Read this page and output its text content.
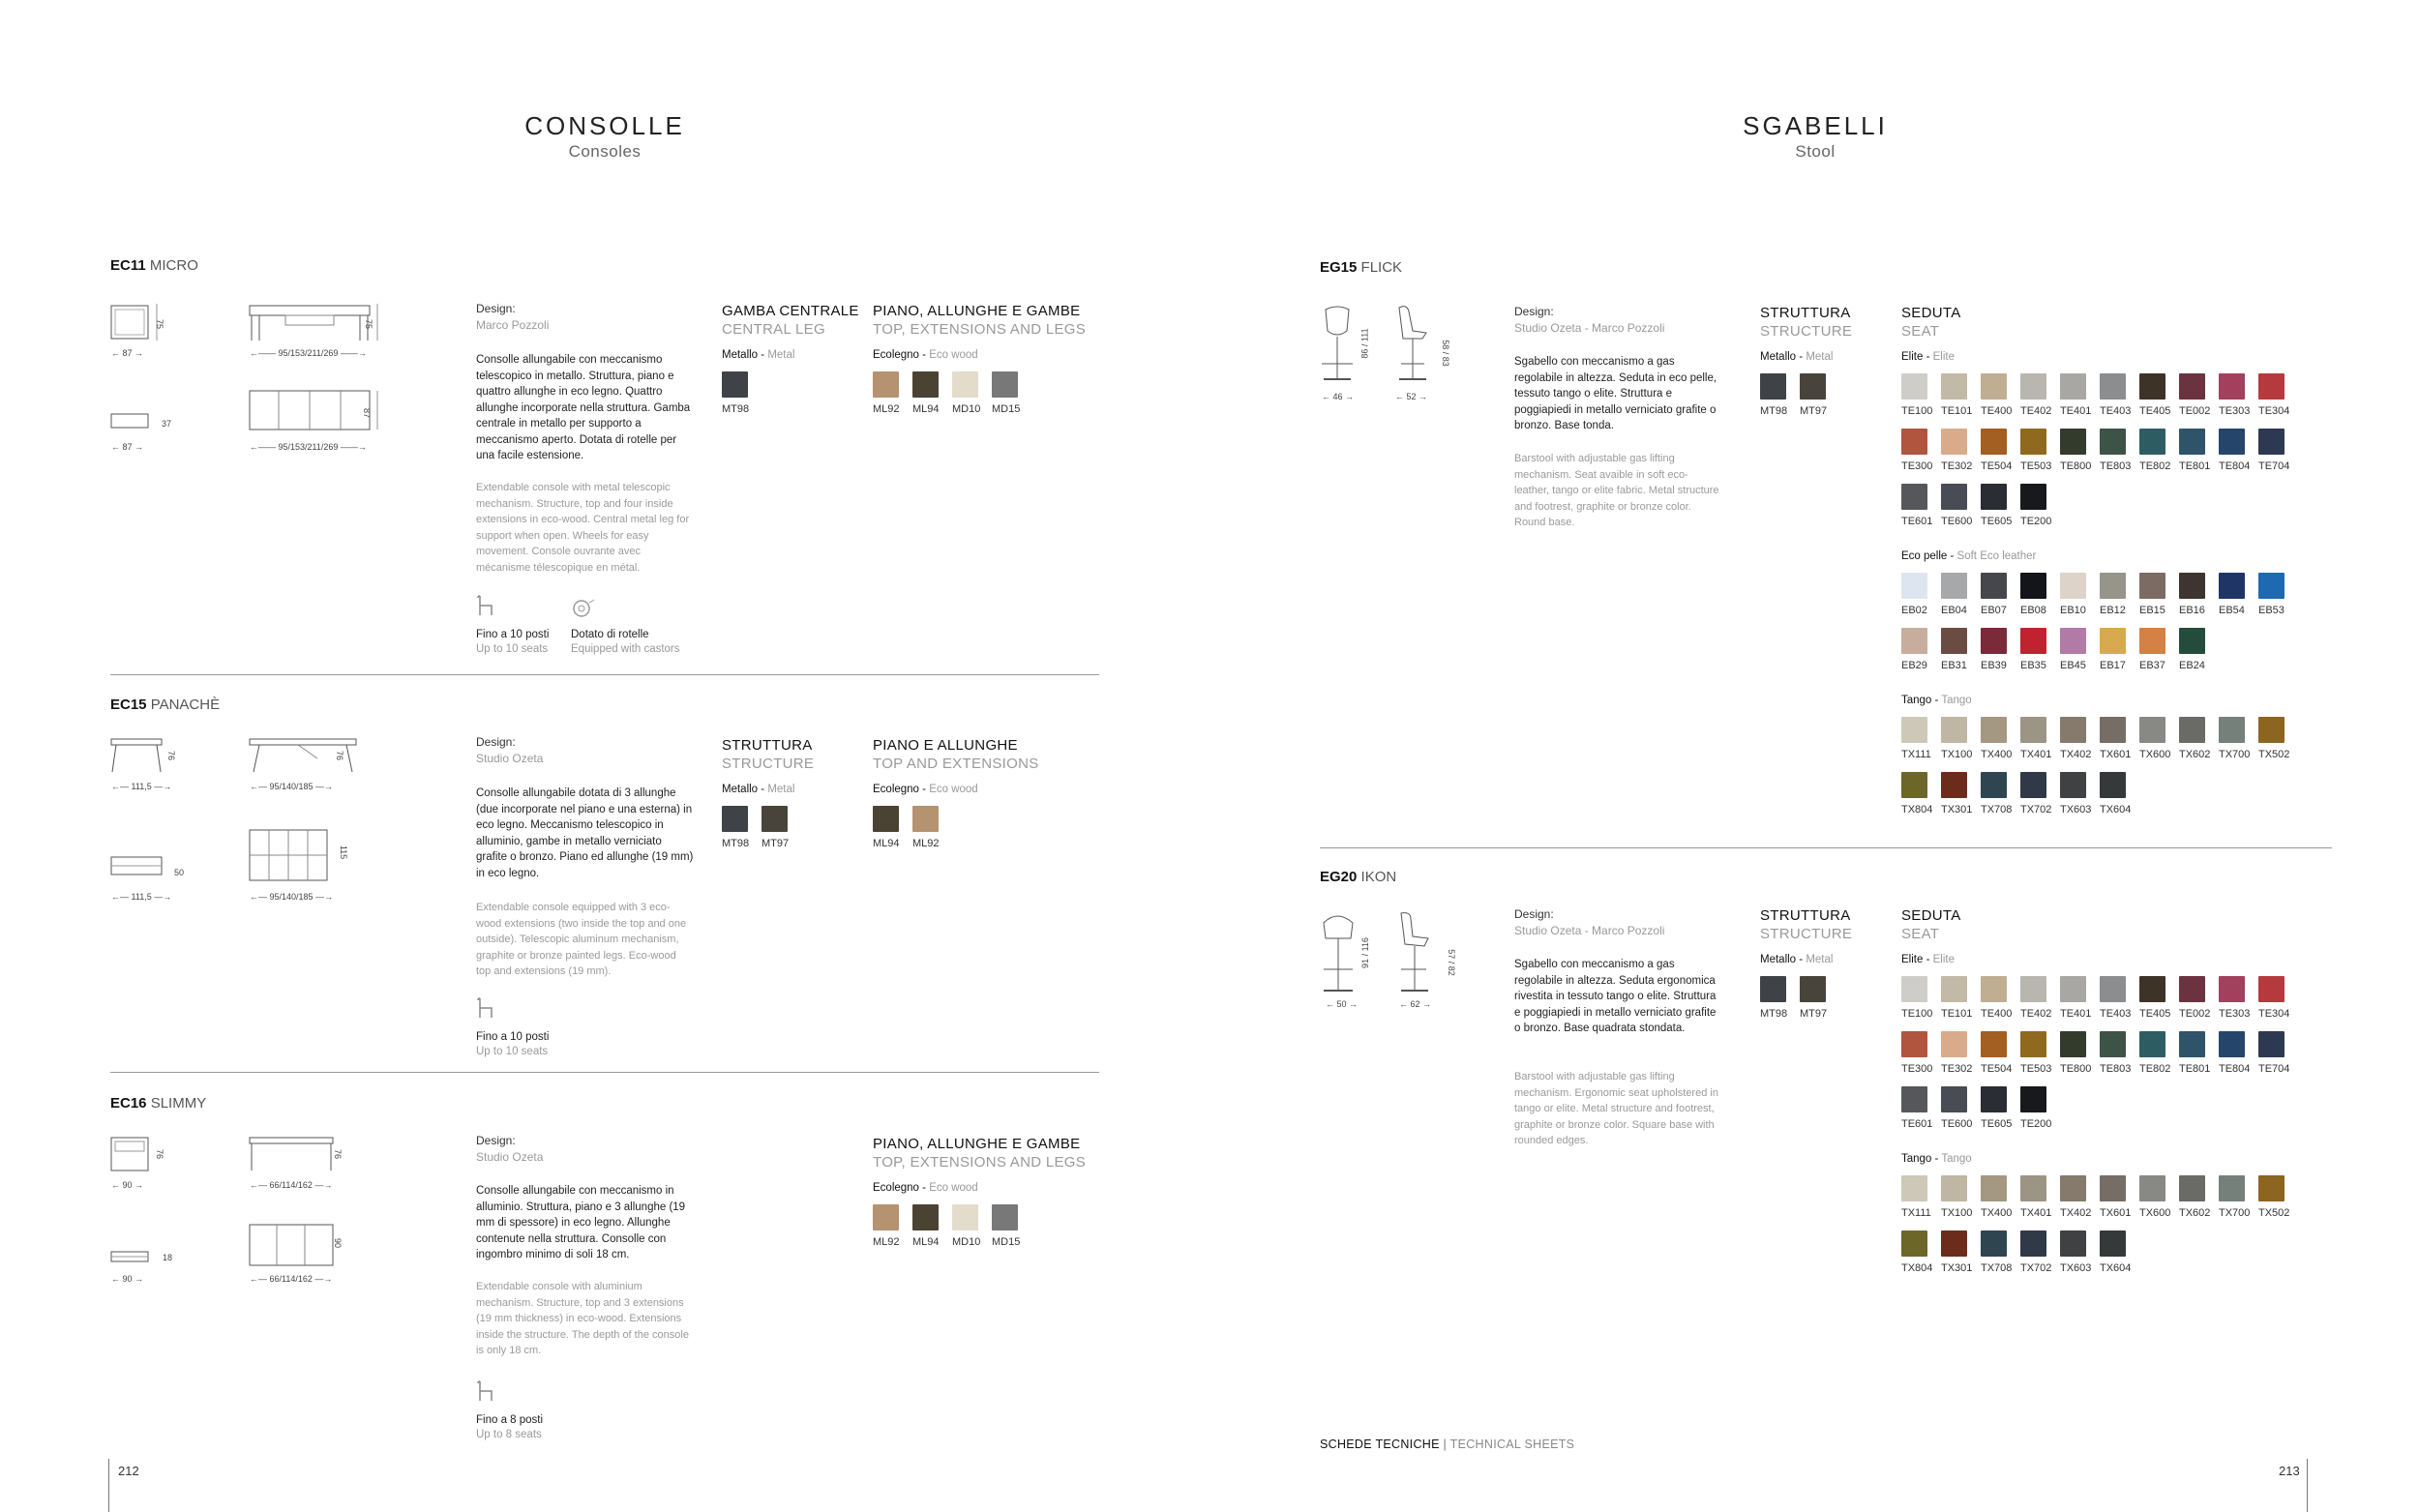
CONSOLLE
Consoles
EC11 MICRO
75
← 87 →
75
←—— 95/153/211/269 ——→
37
← 87 →
87
←—— 95/153/211/269 ——→
Design:
Marco Pozzoli
Consolle allungabile con meccanismo telescopico in metallo. Struttura, piano e quattro allunghe in eco legno. Quattro allunghe incorporate nella struttura. Gamba centrale in metallo per supporto a meccanismo aperto. Dotata di rotelle per una facile estensione.
Extendable console with metal telescopic mechanism. Structure, top and four inside extensions in eco-wood. Central metal leg for support when open. Wheels for easy movement. Console ouvrante avec mécanisme télescopique en métal.
Fino a 10 posti
Up to 10 seats
Dotato di rotelle
Equipped with castors
GAMBA CENTRALE
CENTRAL LEG
Metallo - Metal
MT98
PIANO, ALLUNGHE E GAMBE
TOP, EXTENSIONS AND LEGS
Ecolegno - Eco wood
ML92 ML94 MD10 MD15
EC15 PANACHÈ
76
←— 111,5 —→
76
←— 95/140/185 —→
50
←— 111,5 —→
115
←— 95/140/185 —→
Design:
Studio Ozeta
Consolle allungabile dotata di 3 allunghe (due incorporate nel piano e una esterna) in eco legno. Meccanismo telescopico in alluminio, gambe in metallo verniciato grafite o bronzo. Piano ed allunghe (19 mm) in eco legno.
Extendable console equipped with 3 eco-wood extensions (two inside the top and one outside). Telescopic aluminum mechanism, graphite or bronze painted legs. Eco-wood top and extensions (19 mm).
Fino a 10 posti
Up to 10 seats
STRUTTURA
STRUCTURE
Metallo - Metal
MT98 MT97
PIANO E ALLUNGHE
TOP AND EXTENSIONS
Ecolegno - Eco wood
ML94 ML92
EC16 SLIMMY
76
← 90 →
76
←— 66/114/162 —→
18
← 90 →
90
←— 66/114/162 —→
Design:
Studio Ozeta
Consolle allungabile con meccanismo in alluminio. Struttura, piano e 3 allunghe (19 mm di spessore) in eco legno. Allunghe contenute nella struttura. Consolle con ingombro minimo di soli 18 cm.
Extendable console with aluminium mechanism. Structure, top and 3 extensions (19 mm thickness) in eco-wood. Extensions inside the structure. The depth of the console is only 18 cm.
Fino a 8 posti
Up to 8 seats
PIANO, ALLUNGHE E GAMBE
TOP, EXTENSIONS AND LEGS
Ecolegno - Eco wood
ML92 ML94 MD10 MD15
212
SGABELLI
Stool
EG15 FLICK
86 / 111
← 46 →
58 / 83
← 52 →
Design:
Studio Ozeta - Marco Pozzoli
Sgabello con meccanismo a gas regolabile in altezza. Seduta in eco pelle, tessuto tango o elite. Struttura e poggiapiedi in metallo verniciato grafite o bronzo. Base tonda.
Barstool with adjustable gas lifting mechanism. Seat avaible in soft eco-leather, tango or elite fabric. Metal structure and footrest, graphite or bronze color. Round base.
STRUTTURA
STRUCTURE
Metallo - Metal
MT98 MT97
SEDUTA
SEAT
Elite - Elite
TE100 TE101 TE400 TE402 TE401 TE403 TE405 TE002 TE303 TE304
TE300 TE302 TE504 TE503 TE800 TE803 TE802 TE801 TE804 TE704
TE601 TE600 TE605 TE200
Eco pelle - Soft Eco leather
EB02 EB04 EB07 EB08 EB10 EB12 EB15 EB16 EB54 EB53
EB29 EB31 EB39 EB35 EB45 EB17 EB37 EB24
Tango - Tango
TX111 TX100 TX400 TX401 TX402 TX601 TX600 TX602 TX700 TX502
TX804 TX301 TX708 TX702 TX603 TX604
EG20 IKON
91 / 116
← 50 →
57 / 82
← 62 →
Design:
Studio Ozeta - Marco Pozzoli
Sgabello con meccanismo a gas regolabile in altezza. Seduta ergonomica rivestita in tessuto tango o elite. Struttura e poggiapiedi in metallo verniciato grafite o bronzo. Base quadrata stondata.
Barstool with adjustable gas lifting mechanism. Ergonomic seat upholstered in tango or elite. Metal structure and footrest, graphite or bronze color. Square base with rounded edges.
STRUTTURA
STRUCTURE
Metallo - Metal
MT98 MT97
SEDUTA
SEAT
Elite - Elite
TE100 TE101 TE400 TE402 TE401 TE403 TE405 TE002 TE303 TE304
TE300 TE302 TE504 TE503 TE800 TE803 TE802 TE801 TE804 TE704
TE601 TE600 TE605 TE200
Tango - Tango
TX111 TX100 TX400 TX401 TX402 TX601 TX600 TX602 TX700 TX502
TX804 TX301 TX708 TX702 TX603 TX604
SCHEDE TECNICHE | TECHNICAL SHEETS
213
